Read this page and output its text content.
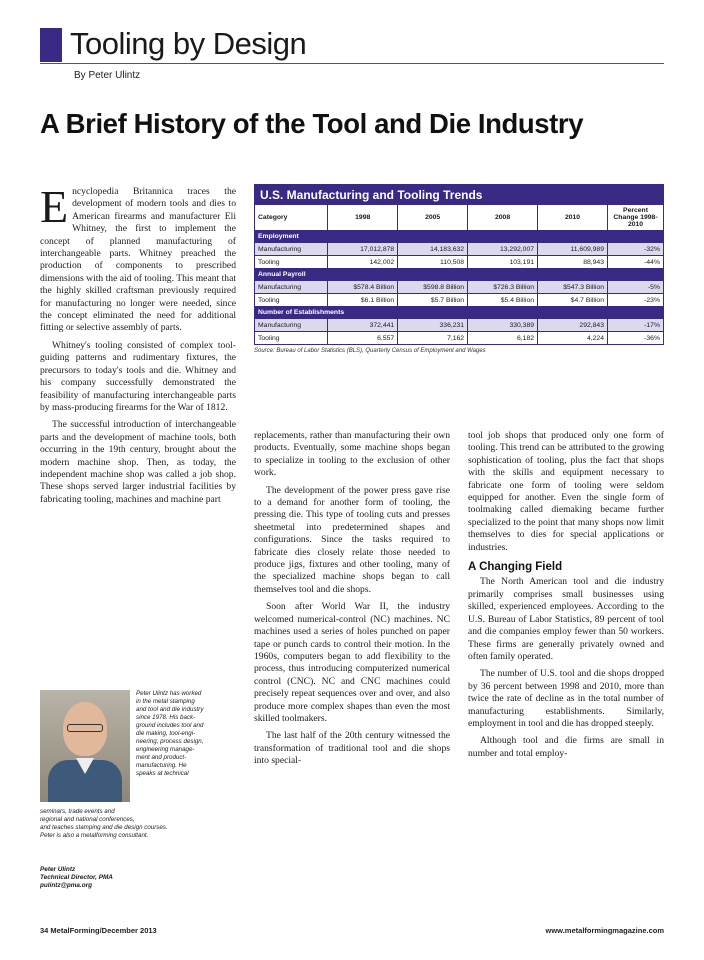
Tooling by Design
By Peter Ulintz
A Brief History of the Tool and Die Industry

Encyclopedia Britannica traces the development of modern tools and dies to American firearms and manufacturer Eli Whitney, the first to implement the concept of planned manufacturing of interchangeable parts. Whitney preached the production of components to prescribed dimensions with the aid of tooling. This meant that the highly skilled craftsman previously required for manufacturing no longer were needed, since the concept eliminated the need for additional fitting or selective assembly of parts.

Whitney's tooling consisted of complex tool-guiding patterns and rudimentary fixtures, the precursors to today's tools and die. Whitney and his company successfully demonstrated the feasibility of manufacturing interchangeable parts by mass-producing firearms for the War of 1812.

The successful introduction of interchangeable parts and the development of machine tools, both occurring in the 19th century, brought about the modern machine shop. Then, as today, the independent machine shop was called a job shop. These shops served larger industrial facilities by fabricating tooling, machines and machine part

U.S. Manufacturing and Tooling Trends
Category	1998	2005	2008	2010	Percent Change 1998-2010
Employment					
Manufacturing	17,012,878	14,183,632	13,292,007	11,609,989	-32%
Tooling	142,002	110,508	103,191	88,943	-44%
Annual Payroll					
Manufacturing	$578.4 Billion	$598.8 Billion	$726.3 Billion	$547.3 Billion	-5%
Tooling	$6.1 Billion	$5.7 Billion	$5.4 Billion	$4.7 Billion	-23%
Number of Establishments					
Manufacturing	372,441	336,231	330,389	292,843	-17%
Tooling	6,557	7,162	6,182	4,224	-36%
Source: Bureau of Labor Statistics (BLS), Quarterly Census of Employment and Wages

replacements, rather than manufacturing their own products. Eventually, some machine shops began to specialize in tooling to the exclusion of other work.

The development of the power press gave rise to a demand for another form of tooling, the pressing die. This type of tooling cuts and presses sheetmetal into predetermined shapes and configurations. Since the tasks required to fabricate dies closely relate those needed to produce jigs, fixtures and other tooling, many of the specialized machine shops began to call themselves tool and die shops.

Soon after World War II, the industry welcomed numerical-control (NC) machines. NC machines used a series of holes punched on paper tape or punch cards to control their motion. In the 1960s, computers began to add flexibility to the process, thus introducing computerized numerical control (CNC). NC and CNC machines could precisely repeat sequences over and over, and also produce more complex shapes than even the most skilled toolmakers.

The last half of the 20th century witnessed the transformation of traditional tool and die shops into special-

tool job shops that produced only one form of tooling. This trend can be attributed to the growing sophistication of tooling, plus the fact that shops with the skills and equipment necessary to fabricate one form of tooling were seldom equipped for another. Even the single form of toolmaking called diemaking became further specialized to the point that many shops now limit themselves to dies for special applications or industries.

A Changing Field

The North American tool and die industry primarily comprises small businesses using skilled, experienced employees. According to the U.S. Bureau of Labor Statistics, 89 percent of tool and die companies employ fewer than 50 workers. These firms are generally privately owned and often family operated.

The number of U.S. tool and die shops dropped by 36 percent between 1998 and 2010, more than twice the rate of decline as in the total number of manufacturing establishments. Similarly, employment in tool and die has dropped steeply.

Although tool and die firms are small in number and total employ-

Peter Ulintz has worked
in the metal stamping
and tool and die industry
since 1978. His back-
ground includes tool and
die making, tool-engi-
neering, process design,
engineering manage-
ment and product-
manufacturing. He
speaks at technical
seminars, trade events and
regional and national conferences,
and teaches stamping and die design courses.
Peter is also a metalforming consultant.
Peter Ulintz
Technical Director, PMA
pulintz@pma.org
34 MetalForming/December 2013	www.metalformingmagazine.com
